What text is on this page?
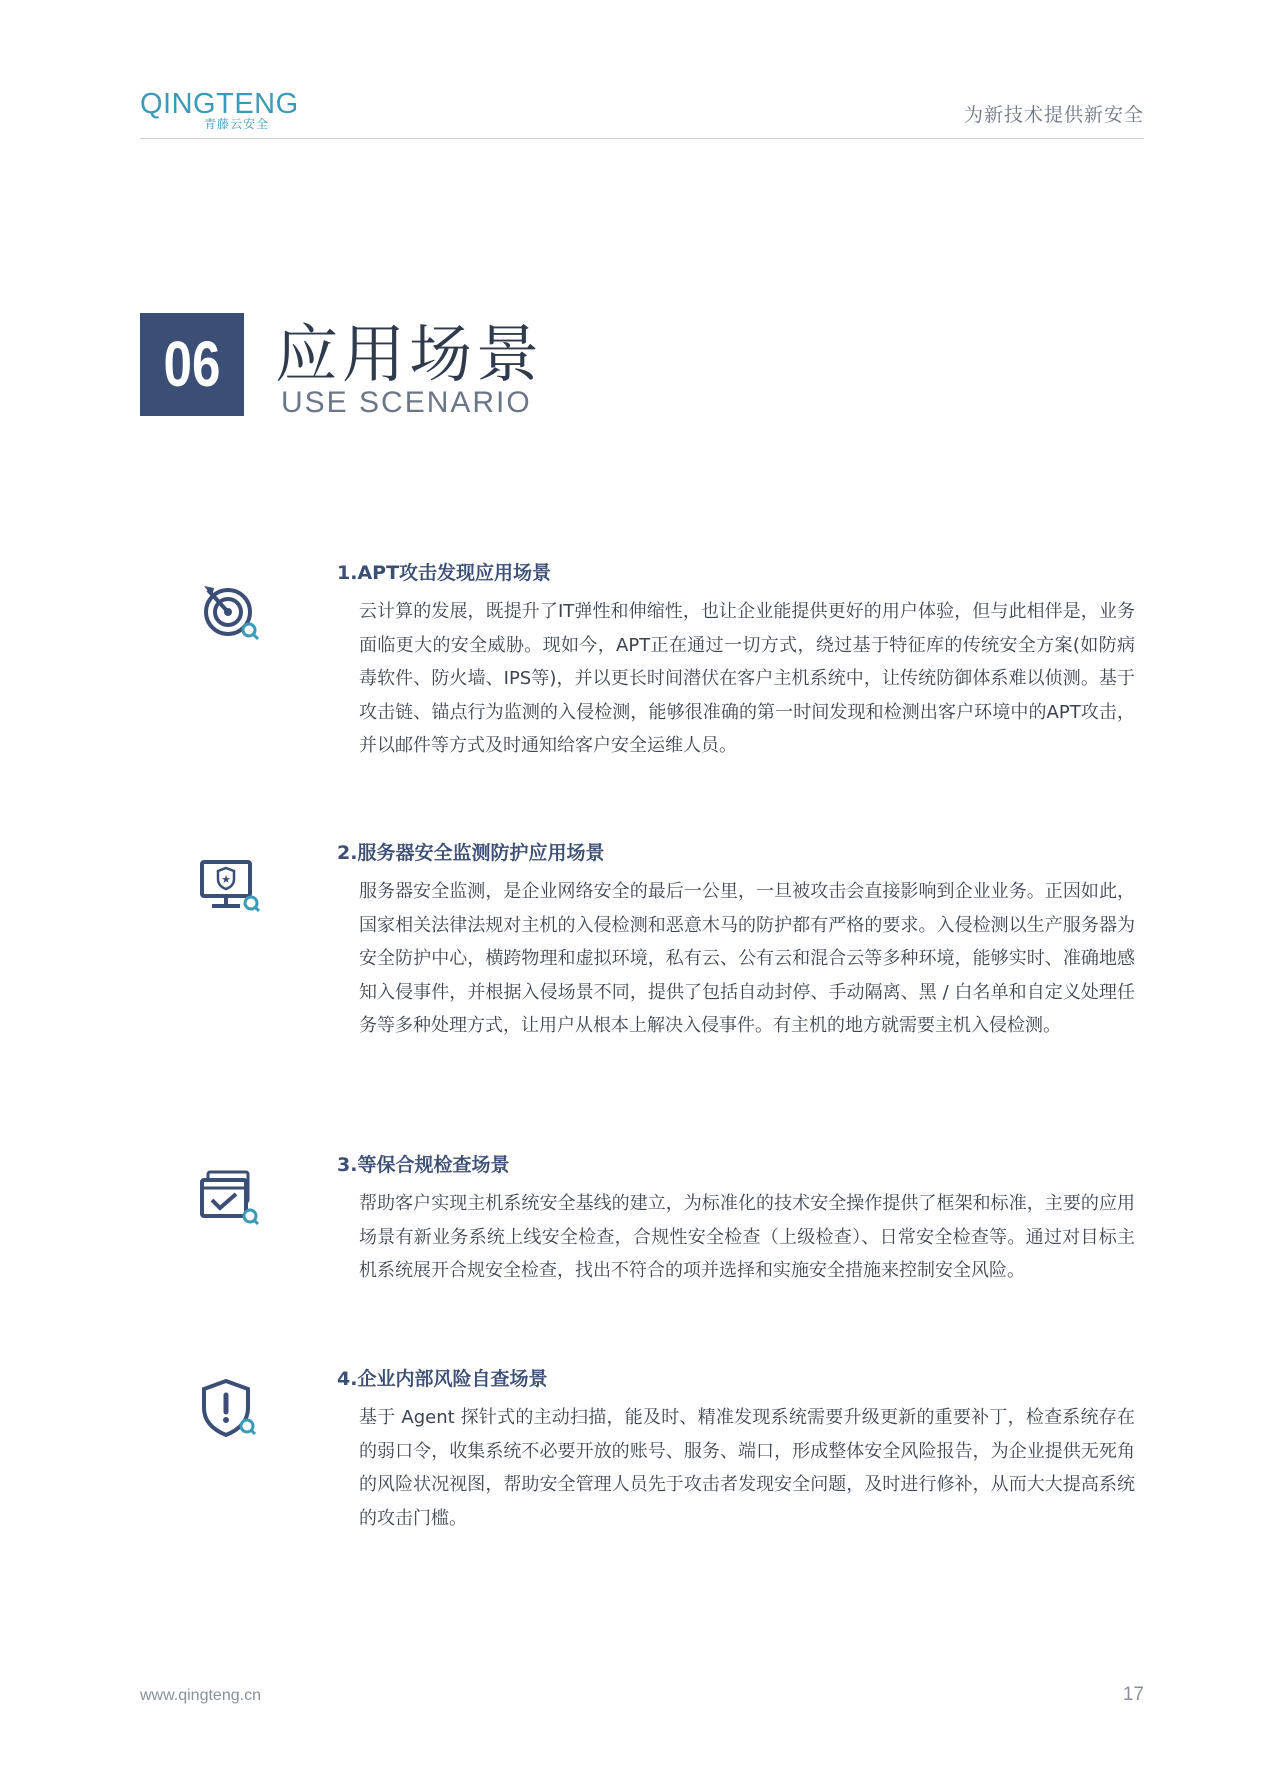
QINGTENG
青藤云安全	为新技术提供新安全
06 应用场景
USE SCENARIO
1.APT攻击发现应用场景

云计算的发展，既提升了IT弹性和伸缩性，也让企业能提供更好的用户体验，但与此相伴是，业务面临更大的安全威胁。现如今，APT正在通过一切方式，绕过基于特征库的传统安全方案(如防病毒软件、防火墙、IPS等)，并以更长时间潜伏在客户主机系统中，让传统防御体系难以侦测。基于攻击链、锚点行为监测的入侵检测，能够很准确的第一时间发现和检测出客户环境中的APT攻击，并以邮件等方式及时通知给客户安全运维人员。

★
2.服务器安全监测防护应用场景

服务器安全监测，是企业网络安全的最后一公里，一旦被攻击会直接影响到企业业务。正因如此，国家相关法律法规对主机的入侵检测和恶意木马的防护都有严格的要求。入侵检测以生产服务器为安全防护中心，横跨物理和虚拟环境，私有云、公有云和混合云等多种环境，能够实时、准确地感知入侵事件，并根据入侵场景不同，提供了包括自动封停、手动隔离、黑 / 白名单和自定义处理任务等多种处理方式，让用户从根本上解决入侵事件。有主机的地方就需要主机入侵检测。

3.等保合规检查场景

帮助客户实现主机系统安全基线的建立，为标准化的技术安全操作提供了框架和标准，主要的应用场景有新业务系统上线安全检查，合规性安全检查（上级检查）、日常安全检查等。通过对目标主机系统展开合规安全检查，找出不符合的项并选择和实施安全措施来控制安全风险。

4.企业内部风险自查场景

基于 Agent 探针式的主动扫描，能及时、精准发现系统需要升级更新的重要补丁，检查系统存在的弱口令，收集系统不必要开放的账号、服务、端口，形成整体安全风险报告，为企业提供无死角的风险状况视图，帮助安全管理人员先于攻击者发现安全问题，及时进行修补，从而大大提高系统的攻击门槛。

www.qingteng.cn	17
